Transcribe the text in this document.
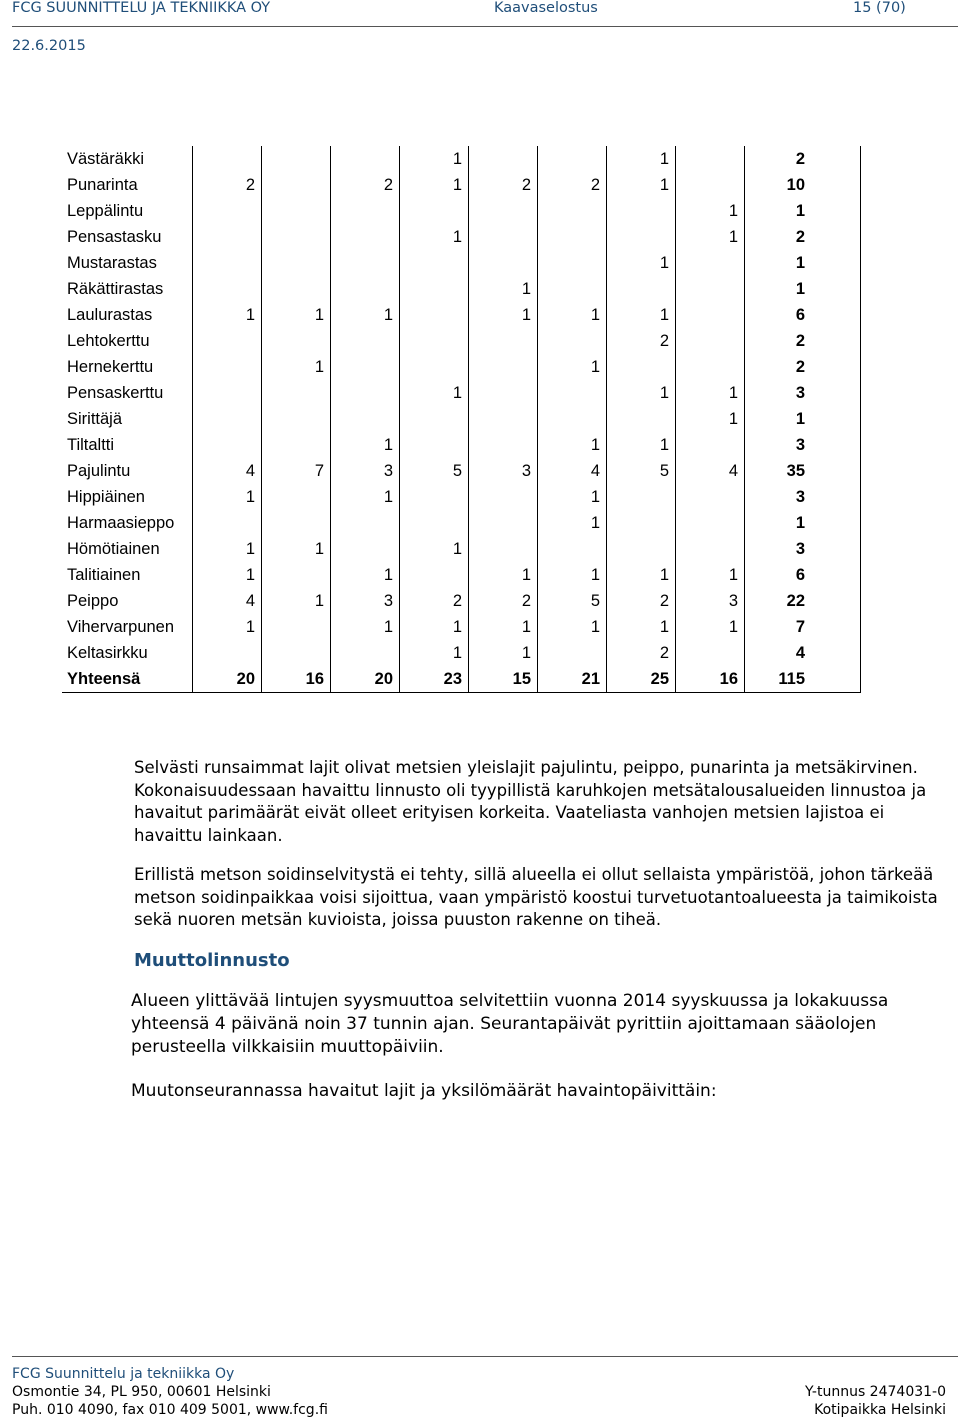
FCG SUUNNITTELU JA TEKNIIKKA OY	Kaavaselostus	15 (70)
22.6.2015
Västäräkki				1			1		2
Punarinta	2		2	1	2	2	1		10
Leppälintu								1	1
Pensastasku				1				1	2
Mustarastas							1		1
Räkättirastas					1				1
Laulurastas	1	1	1		1	1	1		6
Lehtokerttu							2		2
Hernekerttu		1				1			2
Pensaskerttu				1			1	1	3
Sirittäjä								1	1
Tiltaltti			1			1	1		3
Pajulintu	4	7	3	5	3	4	5	4	35
Hippiäinen	1		1			1			3
Harmaasieppo						1			1
Hömötiainen	1	1		1					3
Talitiainen	1		1		1	1	1	1	6
Peippo	4	1	3	2	2	5	2	3	22
Vihervarpunen	1		1	1	1	1	1	1	7
Keltasirkku				1	1		2		4
Yhteensä	20	16	20	23	15	21	25	16	115
Selvästi runsaimmat lajit olivat metsien yleislajit pajulintu, peippo, punarinta ja metsäkirvinen. Kokonaisuudessaan havaittu linnusto oli tyypillistä karuhkojen metsätalousalueiden linnustoa ja havaitut parimäärät eivät olleet erityisen korkeita. Vaateliasta vanhojen metsien lajistoa ei havaittu lainkaan.
Erillistä metson soidinselvitystä ei tehty, sillä alueella ei ollut sellaista ympäristöä, johon tärkeää metson soidinpaikkaa voisi sijoittua, vaan ympäristö koostui turvetuotantoalueesta ja taimikoista sekä nuoren metsän kuvioista, joissa puuston rakenne on tiheä.
Muuttolinnusto
Alueen ylittävää lintujen syysmuuttoa selvitettiin vuonna 2014 syyskuussa ja lokakuussa yhteensä 4 päivänä noin 37 tunnin ajan. Seurantapäivät pyrittiin ajoittamaan sääolojen perusteella vilkkaisiin muuttopäiviin.
Muutonseurannassa havaitut lajit ja yksilömäärät havaintopäivittäin:
FCG Suunnittelu ja tekniikka Oy
Osmontie 34, PL 950, 00601 Helsinki
Puh. 010 4090, fax 010 409 5001, www.fcg.fi
Y-tunnus 2474031-0
Kotipaikka Helsinki
